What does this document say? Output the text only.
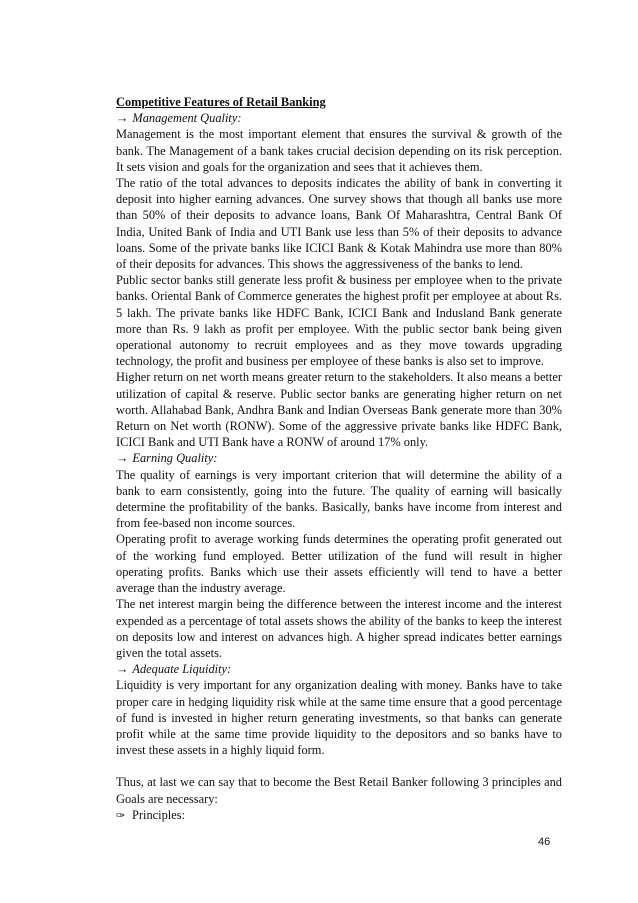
Competitive Features of Retail Banking

→ Management Quality:

Management is the most important element that ensures the survival & growth of the bank. The Management of a bank takes crucial decision depending on its risk perception. It sets vision and goals for the organization and sees that it achieves them.

The ratio of the total advances to deposits indicates the ability of bank in converting it deposit into higher earning advances. One survey shows that though all banks use more than 50% of their deposits to advance loans, Bank Of Maharashtra, Central Bank Of India, United Bank of India and UTI Bank use less than 5% of their deposits to advance loans. Some of the private banks like ICICI Bank & Kotak Mahindra use more than 80% of their deposits for advances. This shows the aggressiveness of the banks to lend.

Public sector banks still generate less profit & business per employee when to the private banks. Oriental Bank of Commerce generates the highest profit per employee at about Rs. 5 lakh. The private banks like HDFC Bank, ICICI Bank and Indusland Bank generate more than Rs. 9 lakh as profit per employee. With the public sector bank being given operational autonomy to recruit employees and as they move towards upgrading technology, the profit and business per employee of these banks is also set to improve.

Higher return on net worth means greater return to the stakeholders. It also means a better utilization of capital & reserve. Public sector banks are generating higher return on net worth. Allahabad Bank, Andhra Bank and Indian Overseas Bank generate more than 30% Return on Net worth (RONW). Some of the aggressive private banks like HDFC Bank, ICICI Bank and UTI Bank have a RONW of around 17% only.

→ Earning Quality:

The quality of earnings is very important criterion that will determine the ability of a bank to earn consistently, going into the future. The quality of earning will basically determine the profitability of the banks. Basically, banks have income from interest and from fee-based non income sources.

Operating profit to average working funds determines the operating profit generated out of the working fund employed. Better utilization of the fund will result in higher operating profits. Banks which use their assets efficiently will tend to have a better average than the industry average.

The net interest margin being the difference between the interest income and the interest expended as a percentage of total assets shows the ability of the banks to keep the interest on deposits low and interest on advances high. A higher spread indicates better earnings given the total assets.

→ Adequate Liquidity:

Liquidity is very important for any organization dealing with money. Banks have to take proper care in hedging liquidity risk while at the same time ensure that a good percentage of fund is invested in higher return generating investments, so that banks can generate profit while at the same time provide liquidity to the depositors and so banks have to invest these assets in a highly liquid form.

Thus, at last we can say that to become the Best Retail Banker following 3 principles and Goals are necessary:

✑ Principles:

46
